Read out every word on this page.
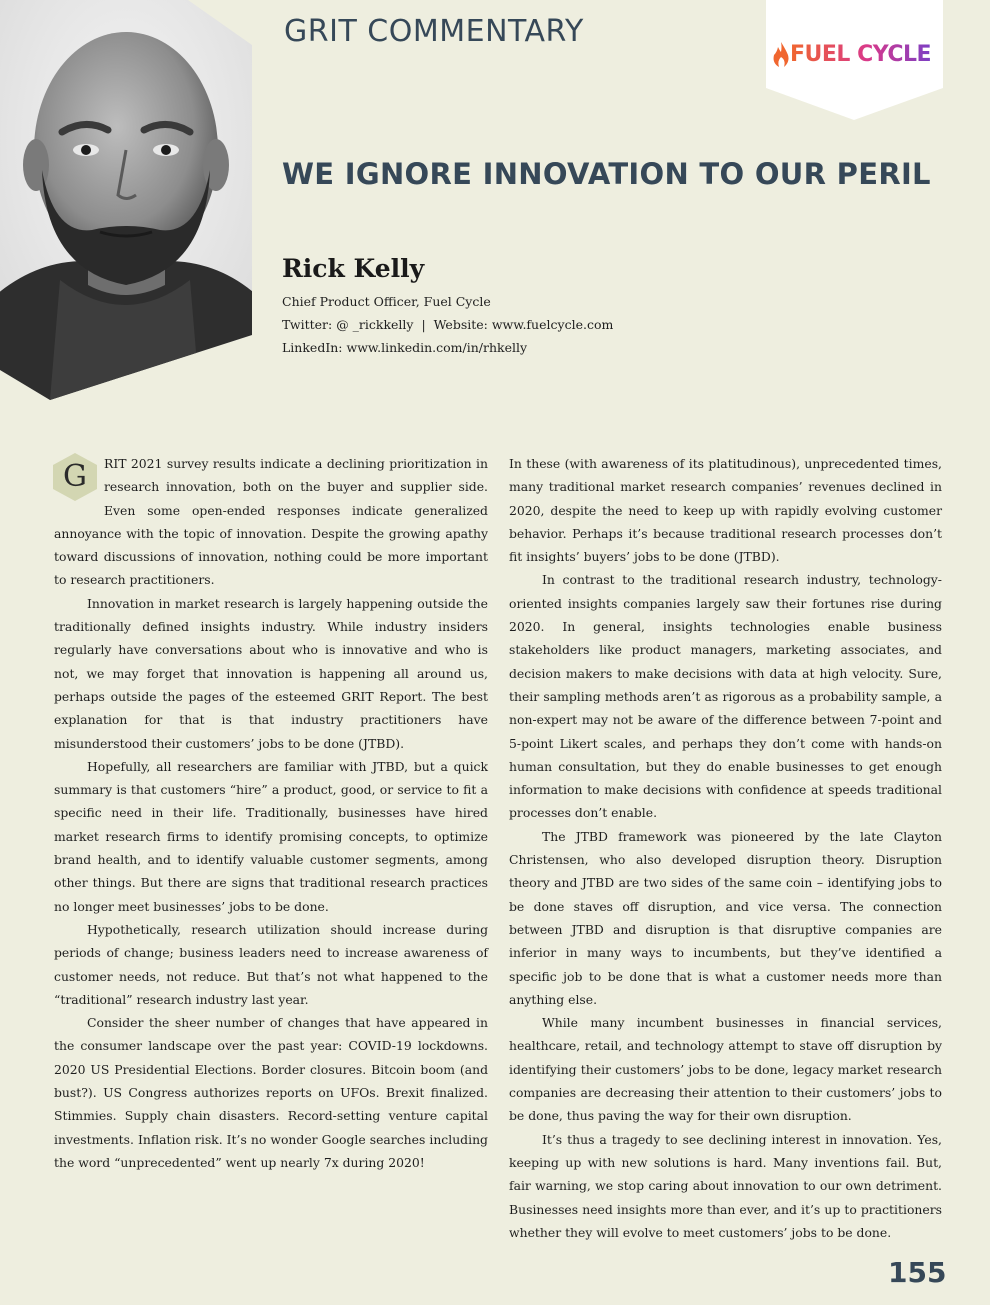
GRIT COMMENTARY
FUEL CYCLE
WE IGNORE INNOVATION TO OUR PERIL
Rick Kelly
Chief Product Officer, Fuel Cycle
Twitter: @ _rickkelly  |  Website: www.fuelcycle.com
LinkedIn: www.linkedin.com/in/rhkelly

G	RIT 2021 survey results indicate a declining prioritization in research innovation, both on the buyer and supplier side. Even some open-ended responses indicate generalized annoyance with the topic of innovation. Despite the growing apathy toward discussions of innovation, nothing could be more important to research practitioners.

Innovation in market research is largely happening outside the traditionally defined insights industry. While industry insiders regularly have conversations about who is innovative and who is not, we may forget that innovation is happening all around us, perhaps outside the pages of the esteemed GRIT Report. The best explanation for that is that industry practitioners have misunderstood their customers’ jobs to be done (JTBD).

Hopefully, all researchers are familiar with JTBD, but a quick summary is that customers “hire” a product, good, or service to fit a specific need in their life. Traditionally, businesses have hired market research firms to identify promising concepts, to optimize brand health, and to identify valuable customer segments, among other things. But there are signs that traditional research practices no longer meet businesses’ jobs to be done.

Hypothetically, research utilization should increase during periods of change; business leaders need to increase awareness of customer needs, not reduce. But that’s not what happened to the “traditional” research industry last year.

Consider the sheer number of changes that have appeared in the consumer landscape over the past year: COVID-19 lockdowns. 2020 US Presidential Elections. Border closures. Bitcoin boom (and bust?). US Congress authorizes reports on UFOs. Brexit finalized. Stimmies. Supply chain disasters. Record-setting venture capital investments. Inflation risk. It’s no wonder Google searches including the word “unprecedented” went up nearly 7x during 2020!

In these (with awareness of its platitudinous), unprecedented times, many traditional market research companies’ revenues declined in 2020, despite the need to keep up with rapidly evolving customer behavior. Perhaps it’s because traditional research processes don’t fit insights’ buyers’ jobs to be done (JTBD).

In contrast to the traditional research industry, technology-oriented insights companies largely saw their fortunes rise during 2020. In general, insights technologies enable business stakeholders like product managers, marketing associates, and decision makers to make decisions with data at high velocity. Sure, their sampling methods aren’t as rigorous as a probability sample, a non-expert may not be aware of the difference between 7-point and 5-point Likert scales, and perhaps they don’t come with hands-on human consultation, but they do enable businesses to get enough information to make decisions with confidence at speeds traditional processes don’t enable.

The JTBD framework was pioneered by the late Clayton Christensen, who also developed disruption theory. Disruption theory and JTBD are two sides of the same coin – identifying jobs to be done staves off disruption, and vice versa. The connection between JTBD and disruption is that disruptive companies are inferior in many ways to incumbents, but they’ve identified a specific job to be done that is what a customer needs more than anything else.

While many incumbent businesses in financial services, healthcare, retail, and technology attempt to stave off disruption by identifying their customers’ jobs to be done, legacy market research companies are decreasing their attention to their customers’ jobs to be done, thus paving the way for their own disruption.

It’s thus a tragedy to see declining interest in innovation. Yes, keeping up with new solutions is hard. Many inventions fail. But, fair warning, we stop caring about innovation to our own detriment. Businesses need insights more than ever, and it’s up to practitioners whether they will evolve to meet customers’ jobs to be done.

155
